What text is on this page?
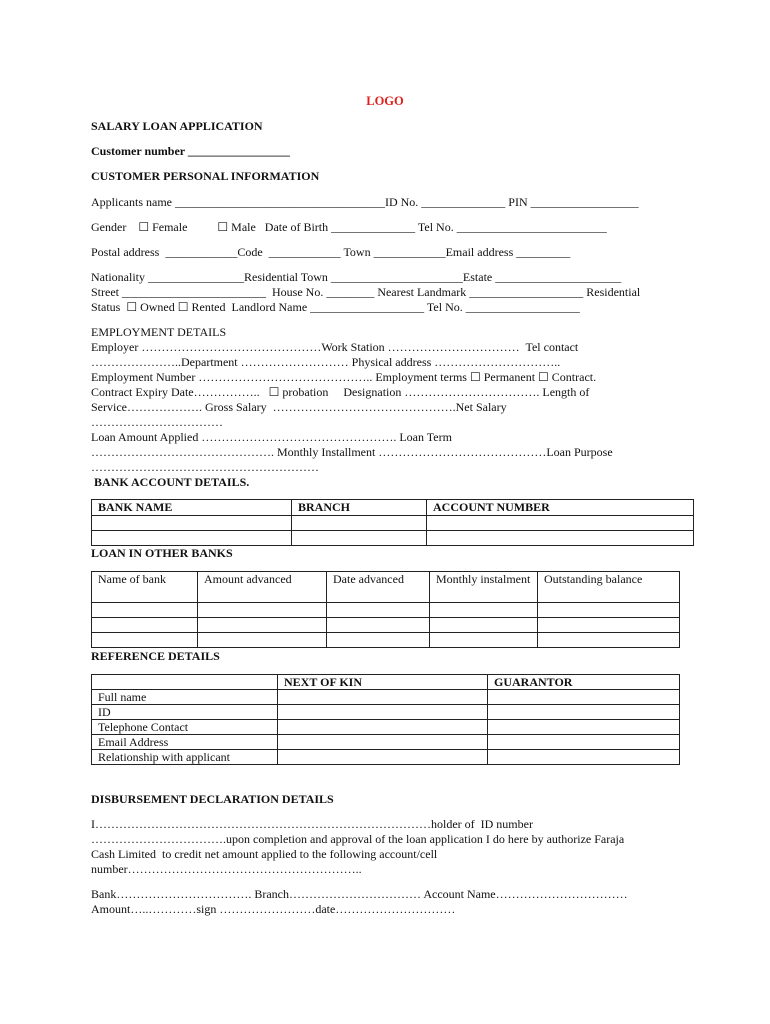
LOGO
SALARY LOAN APPLICATION
Customer number _________________
CUSTOMER PERSONAL INFORMATION
Applicants name ___________________________________ID No. ______________ PIN __________________
Gender    ☐ Female          ☐ Male   Date of Birth ______________ Tel No. _________________________
Postal address  ____________Code  ____________ Town ____________Email address _________
Nationality ________________Residential Town ______________________Estate _____________________
Street ________________________  House No. ________ Nearest Landmark ___________________ Residential
Status  ☐ Owned ☐ Rented  Landlord Name ___________________ Tel No. ___________________
EMPLOYMENT DETAILS
Employer ………………………………………Work Station ……………………………  Tel contact
…………………..Department ……………………… Physical address …………………………..
Employment Number …………………………………….. Employment terms ☐ Permanent ☐ Contract.
Contract Expiry Date……………..   ☐ probation     Designation ……………………………. Length of
Service………………. Gross Salary  ……………………………………….Net Salary
……………………………
Loan Amount Applied …………………………………………. Loan Term
………………………………………. Monthly Installment ……………………………………Loan Purpose
…………………………………………………
BANK ACCOUNT DETAILS.
BANK NAME	BRANCH	ACCOUNT NUMBER

LOAN IN OTHER BANKS
Name of bank	Amount advanced	Date advanced	Monthly instalment	Outstanding balance

REFERENCE DETAILS
	NEXT OF KIN	GUARANTOR
Full name		
ID		
Telephone Contact		
Email Address		
Relationship with applicant		
DISBURSEMENT DECLARATION DETAILS
I…………………………………………………………………………holder of  ID number
…………………………….upon completion and approval of the loan application I do here by authorize Faraja
Cash Limited  to credit net amount applied to the following account/cell
number…………………………………………………..
Bank……………………………. Branch…………………………… Account Name……………………………
Amount…..…………sign ……………………date…………………………
